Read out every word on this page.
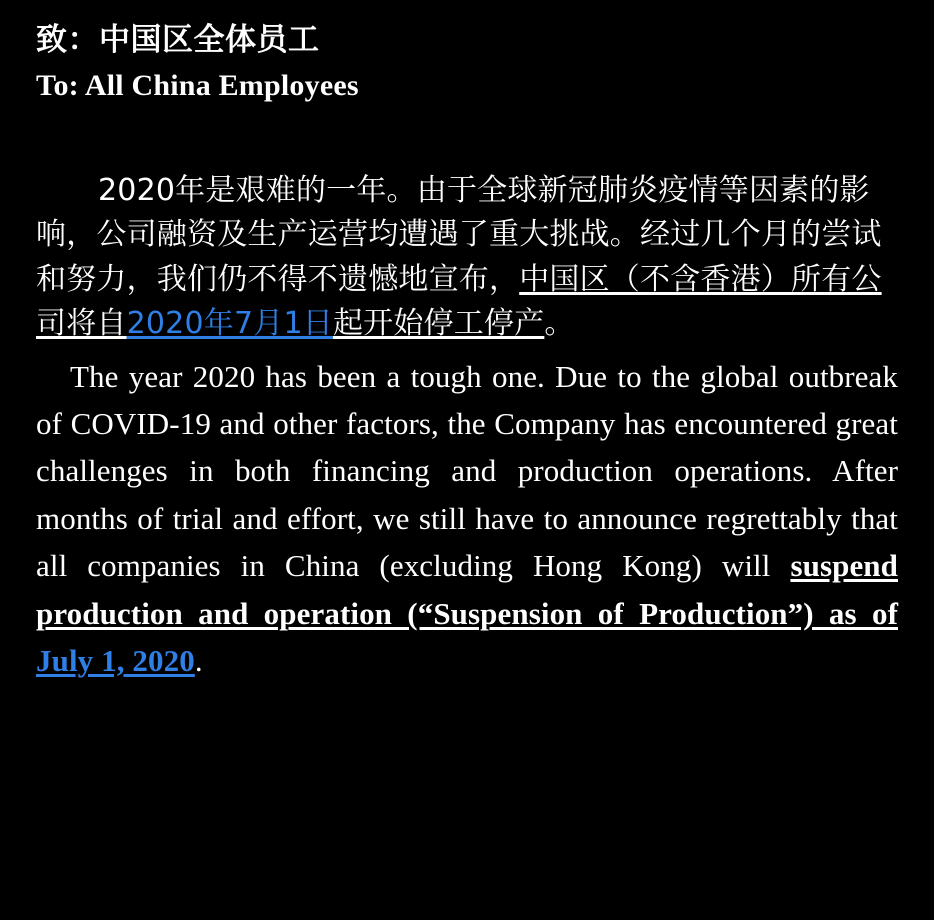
致：中国区全体员工
To: All China Employees

2020年是艰难的一年。由于全球新冠肺炎疫情等因素的影响，公司融资及生产运营均遭遇了重大挑战。经过几个月的尝试和努力，我们仍不得不遗憾地宣布，中国区（不含香港）所有公司将自2020年7月1日起开始停工停产。

The year 2020 has been a tough one. Due to the global outbreak of COVID-19 and other factors, the Company has encountered great challenges in both financing and production operations. After months of trial and effort, we still have to announce regrettably that all companies in China (excluding Hong Kong) will suspend production and operation (“Suspension of Production”) as of July 1, 2020.
